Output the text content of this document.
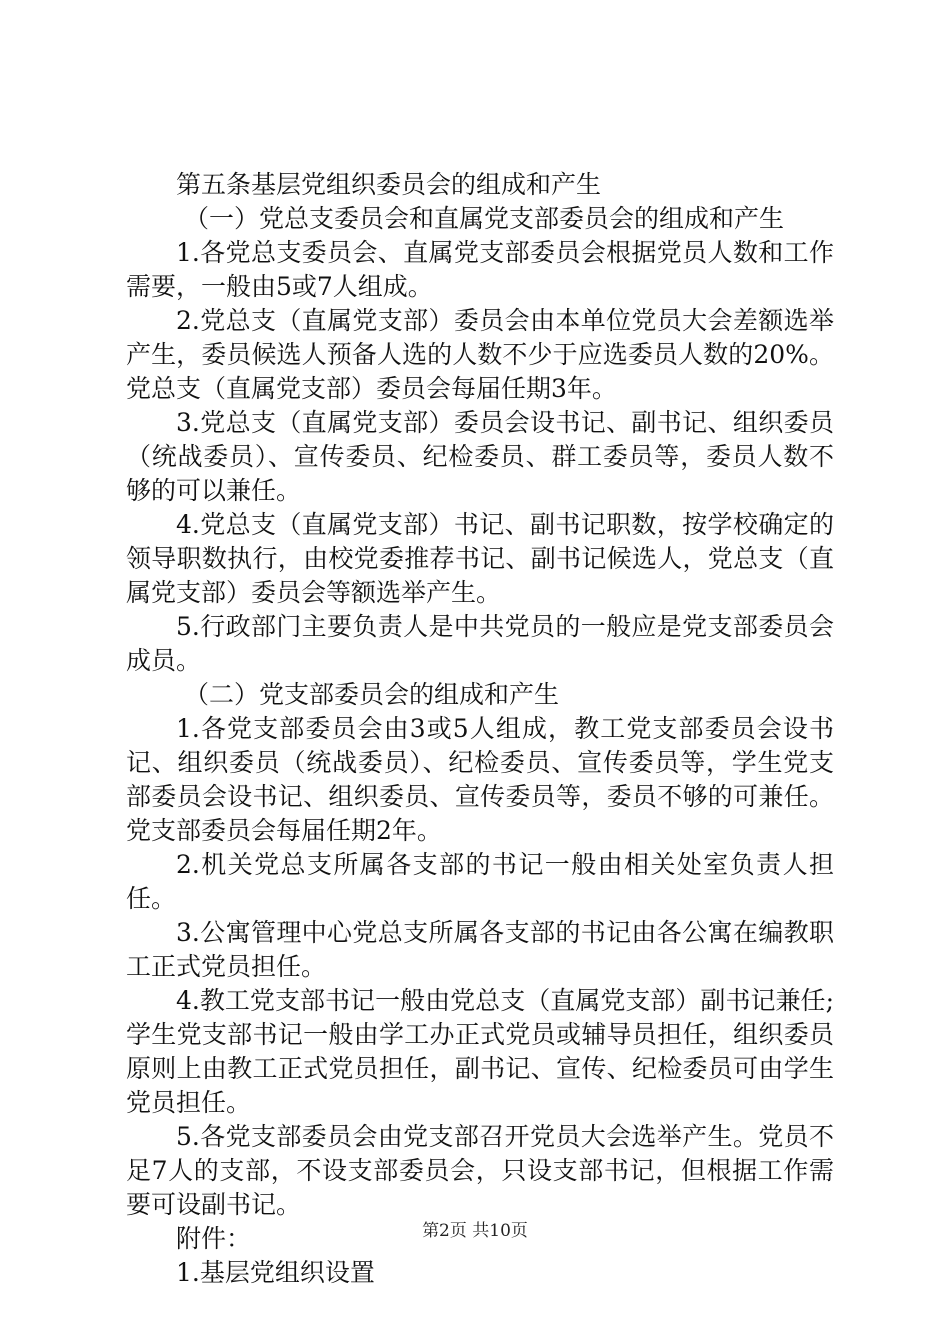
第五条基层党组织委员会的组成和产生

（一）党总支委员会和直属党支部委员会的组成和产生

1.各党总支委员会、直属党支部委员会根据党员人数和工作需要，一般由5或7人组成。

2.党总支（直属党支部）委员会由本单位党员大会差额选举产生，委员候选人预备人选的人数不少于应选委员人数的20%。党总支（直属党支部）委员会每届任期3年。

3.党总支（直属党支部）委员会设书记、副书记、组织委员（统战委员）、宣传委员、纪检委员、群工委员等，委员人数不够的可以兼任。

4.党总支（直属党支部）书记、副书记职数，按学校确定的领导职数执行，由校党委推荐书记、副书记候选人，党总支（直属党支部）委员会等额选举产生。

5.行政部门主要负责人是中共党员的一般应是党支部委员会成员。

（二）党支部委员会的组成和产生

1.各党支部委员会由3或5人组成，教工党支部委员会设书记、组织委员（统战委员）、纪检委员、宣传委员等，学生党支部委员会设书记、组织委员、宣传委员等，委员不够的可兼任。党支部委员会每届任期2年。

2.机关党总支所属各支部的书记一般由相关处室负责人担任。

3.公寓管理中心党总支所属各支部的书记由各公寓在编教职工正式党员担任。

4.教工党支部书记一般由党总支（直属党支部）副书记兼任;学生党支部书记一般由学工办正式党员或辅导员担任，组织委员原则上由教工正式党员担任，副书记、宣传、纪检委员可由学生党员担任。

5.各党支部委员会由党支部召开党员大会选举产生。党员不足7人的支部，不设支部委员会，只设支部书记，但根据工作需要可设副书记。

附件：

1.基层党组织设置

第2页 共10页
